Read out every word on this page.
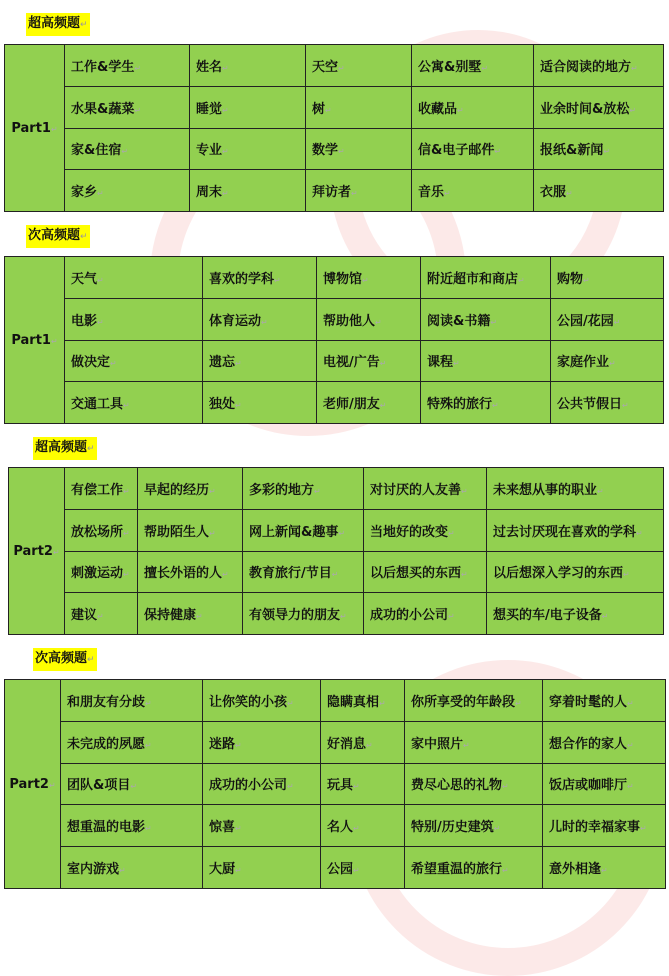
超高频题↵
Part1↵	工作&学生↵	姓名↵	天空↵	公寓&别墅↵	适合阅读的地方↵
	水果&蔬菜↵	睡觉↵	树↵	收藏品↵	业余时间&放松↵
	家&住宿↵	专业↵	数学↵	信&电子邮件↵	报纸&新闻↵
	家乡↵	周末↵	拜访者↵	音乐↵	衣服↵
次高频题↵
Part1↵	天气↵	喜欢的学科↵	博物馆↵	附近超市和商店↵	购物↵
	电影↵	体育运动↵	帮助他人↵	阅读&书籍↵	公园/花园↵
	做决定↵	遗忘↵	电视/广告↵	课程↵	家庭作业↵
	交通工具↵	独处↵	老师/朋友↵	特殊的旅行↵	公共节假日↵
超高频题↵
Part2↵	有偿工作↵	早起的经历↵	多彩的地方↵	对讨厌的人友善↵	未来想从事的职业↵
	放松场所↵	帮助陌生人↵	网上新闻&趣事↵	当地好的改变↵	过去讨厌现在喜欢的学科↵
	刺激运动↵	擅长外语的人↵	教育旅行/节目↵	以后想买的东西↵	以后想深入学习的东西↵
	建议↵	保持健康↵	有领导力的朋友↵	成功的小公司↵	想买的车/电子设备↵
次高频题↵
Part2↵	和朋友有分歧↵	让你笑的小孩↵	隐瞒真相↵	你所享受的年龄段↵	穿着时髦的人↵
	未完成的夙愿↵	迷路↵	好消息↵	家中照片↵	想合作的家人↵
	团队&项目↵	成功的小公司↵	玩具↵	费尽心思的礼物↵	饭店或咖啡厅↵
	想重温的电影↵	惊喜↵	名人↵	特别/历史建筑↵	儿时的幸福家事↵
	室内游戏↵	大厨↵	公园↵	希望重温的旅行↵	意外相逢↵
